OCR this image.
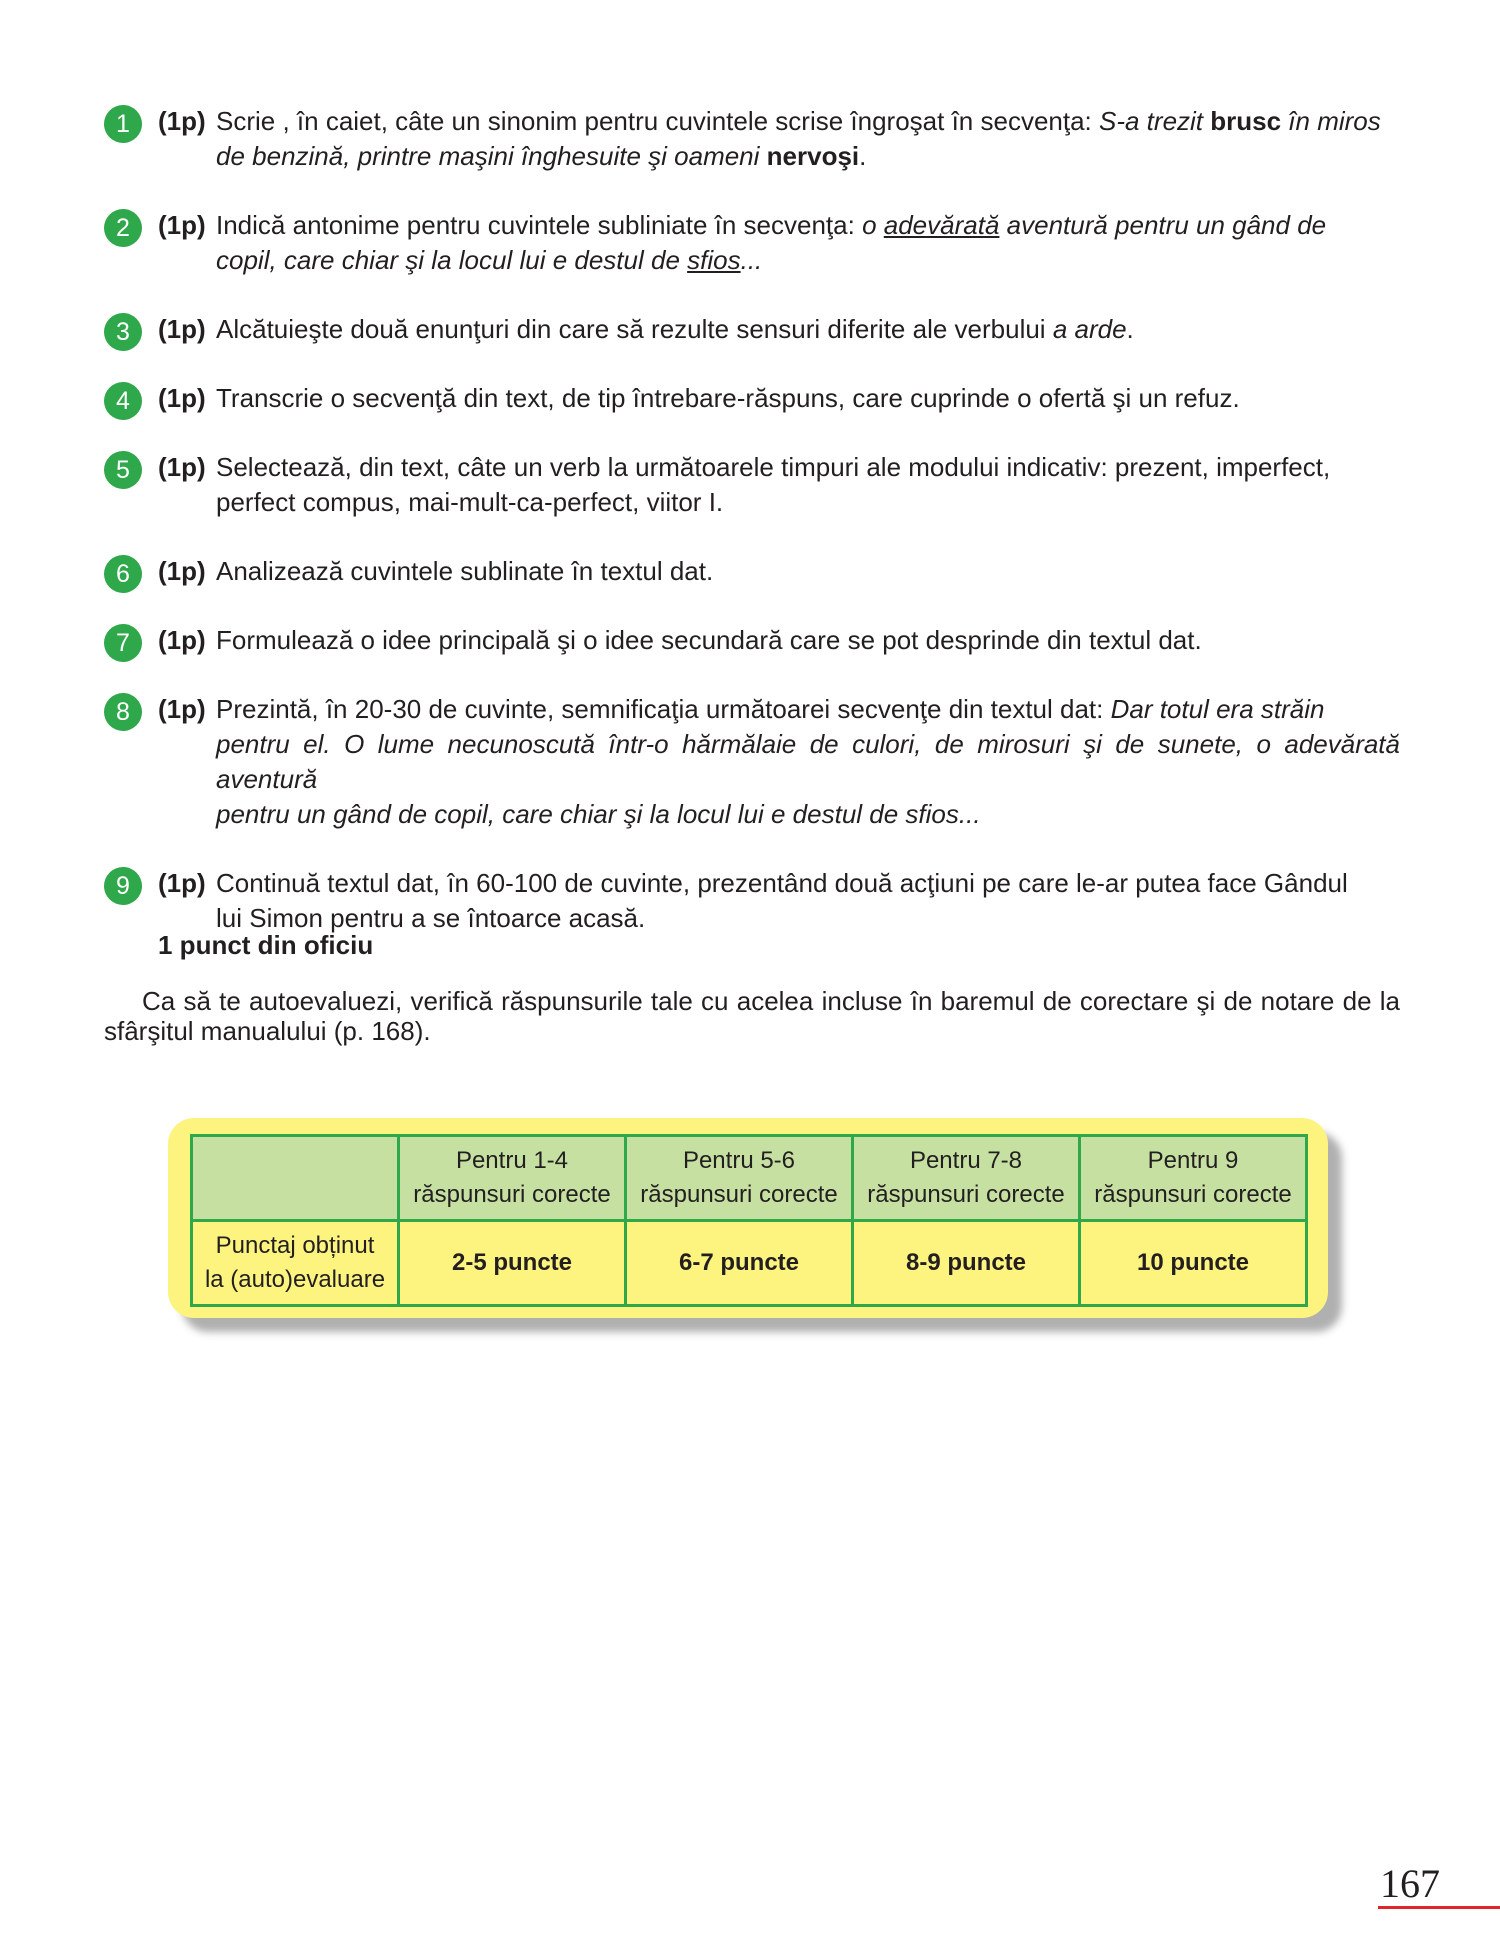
1	(1p) Scrie , în caiet, câte un sinonim pentru cuvintele scrise îngroşat în secvenţa: S-a trezit brusc în miros
de benzină, printre maşini înghesuite şi oameni nervoşi.
2	(1p) Indică antonime pentru cuvintele subliniate în secvenţa: o adevărată aventură pentru un gând de
copil, care chiar şi la locul lui e destul de sfios...
3	(1p) Alcătuieşte două enunţuri din care să rezulte sensuri diferite ale verbului a arde.
4	(1p) Transcrie o secvenţă din text, de tip întrebare-răspuns, care cuprinde o ofertă şi un refuz.
5	(1p) Selectează, din text, câte un verb la următoarele timpuri ale modului indicativ: prezent, imperfect,
perfect compus, mai-mult-ca-perfect, viitor I.
6	(1p) Analizează cuvintele sublinate în textul dat.
7	(1p) Formulează o idee principală şi o idee secundară care se pot desprinde din textul dat.
8	(1p) Prezintă, în 20-30 de cuvinte, semnificaţia următoarei secvenţe din textul dat: Dar totul era străin
pentru el. O lume necunoscută într-o hărmălaie de culori, de mirosuri şi de sunete, o adevărată aventură
pentru un gând de copil, care chiar şi la locul lui e destul de sfios...
9	(1p) Continuă textul dat, în 60-100 de cuvinte, prezentând două acţiuni pe care le-ar putea face Gândul
lui Simon pentru a se întoarce acasă.
1 punct din oficiu
Ca să te autoevaluezi, verifică răspunsurile tale cu acelea incluse în baremul de corectare şi de notare de la sfârşitul manualului (p. 168).
	Pentru 1-4
răspunsuri corecte	Pentru 5-6
răspunsuri corecte	Pentru 7-8
răspunsuri corecte	Pentru 9
răspunsuri corecte
Punctaj obținut
la (auto)evaluare	2-5 puncte	6-7 puncte	8-9 puncte	10 puncte
167
